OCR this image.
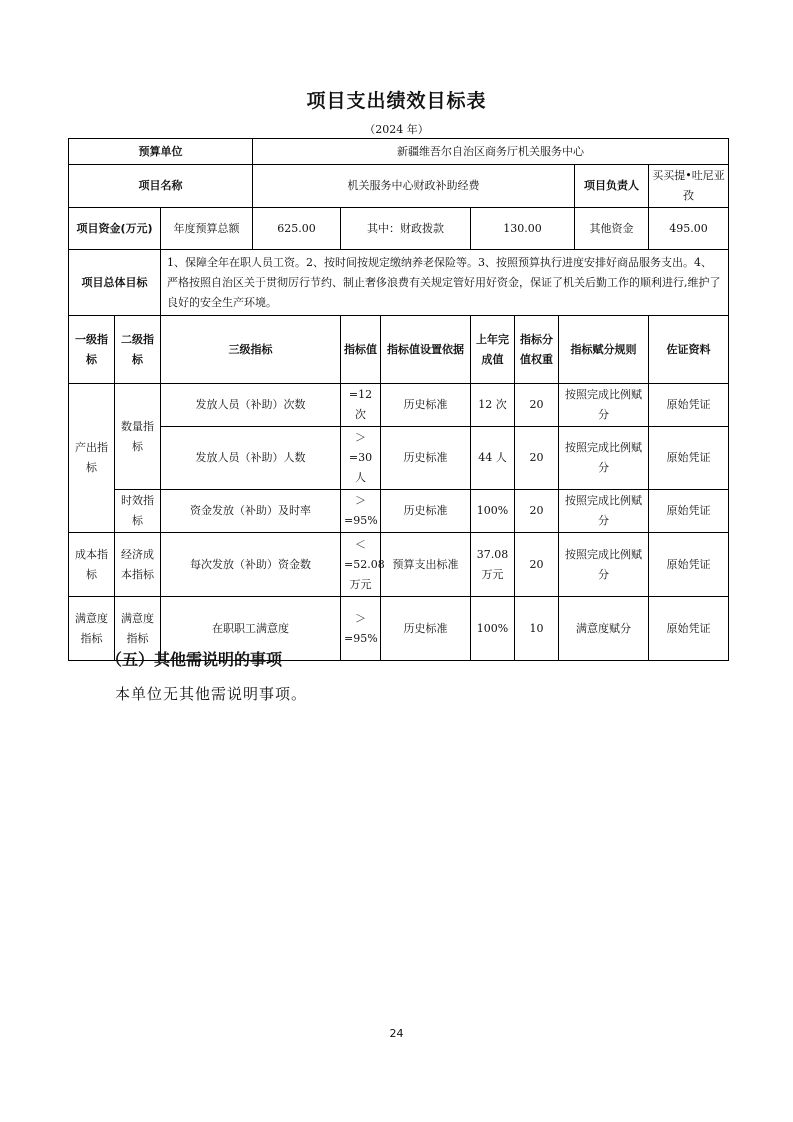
项目支出绩效目标表
（2024 年）
预算单位			新疆维吾尔自治区商务厅机关服务中心							
项目名称			机关服务中心财政补助经费						项目负责人	买买提•吐尼亚孜
项目资金(万元)		年度预算总额	625.00	其中：财政拨款		130.00			其他资金	495.00
项目总体目标		1、保障全年在职人员工资。2、按时间按规定缴纳养老保险等。3、按照预算执行进度安排好商品服务支出。4、严格按照自治区关于贯彻厉行节约、制止奢侈浪费有关规定管好用好资金，保证了机关后勤工作的顺利进行,维护了良好的安全生产环境。								
一级指标	二级指标	三级指标		指标值	指标值设置依据	上年完成值	指标分值权重	指标赋分规则		佐证资料
产出指标	数量指标	发放人员（补助）次数		=12 次	历史标准	12 次	20	按照完成比例赋分		原始凭证
		发放人员（补助）人数		＞=30 人	历史标准	44 人	20	按照完成比例赋分		原始凭证
	时效指标	资金发放（补助）及时率		＞=95%	历史标准	100%	20	按照完成比例赋分		原始凭证
成本指标	经济成本指标	每次发放（补助）资金数		＜=52.08 万元	预算支出标准	37.08 万元	20	按照完成比例赋分		原始凭证
满意度指标	满意度指标	在职职工满意度		＞=95%	历史标准	100%	10	满意度赋分		原始凭证
（五）其他需说明的事项
本单位无其他需说明事项。
24
